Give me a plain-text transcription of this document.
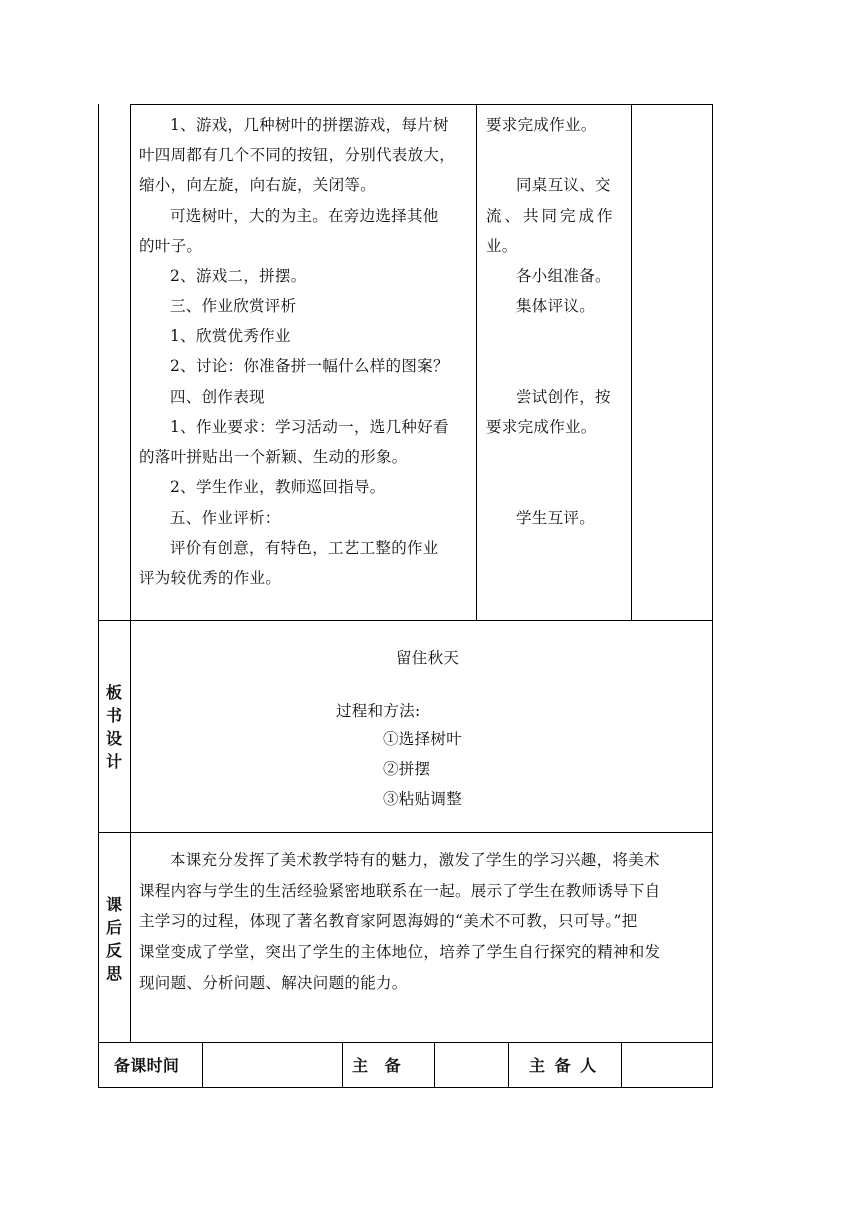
1、游戏，几种树叶的拼摆游戏，每片树
叶四周都有几个不同的按钮，分别代表放大，
缩小，向左旋，向右旋，关闭等。
可选树叶，大的为主。在旁边选择其他
的叶子。
2、游戏二，拼摆。
三、作业欣赏评析
1、欣赏优秀作业
2、讨论：你准备拼一幅什么样的图案？
四、创作表现
1、作业要求：学习活动一，选几种好看
的落叶拼贴出一个新颖、生动的形象。
2、学生作业，教师巡回指导。
五、作业评析：
评价有创意，有特色，工艺工整的作业
评为较优秀的作业。
要求完成作业。
同桌互议、交
流、共同完成作
业。
各小组准备。
集体评议。
尝试创作，按
要求完成作业。
学生互评。
板
书
设
计
留住秋天
过程和方法:
①选择树叶
②拼摆
③粘贴调整
课
后
反
思
本课充分发挥了美术教学特有的魅力，激发了学生的学习兴趣，将美术
课程内容与学生的生活经验紧密地联系在一起。展示了学生在教师诱导下自
主学习的过程，体现了著名教育家阿恩海姆的“美术不可教，只可导。”把
课堂变成了学堂，突出了学生的主体地位，培养了学生自行探究的精神和发
现问题、分析问题、解决问题的能力。
备课时间	主　备	主 备 人
